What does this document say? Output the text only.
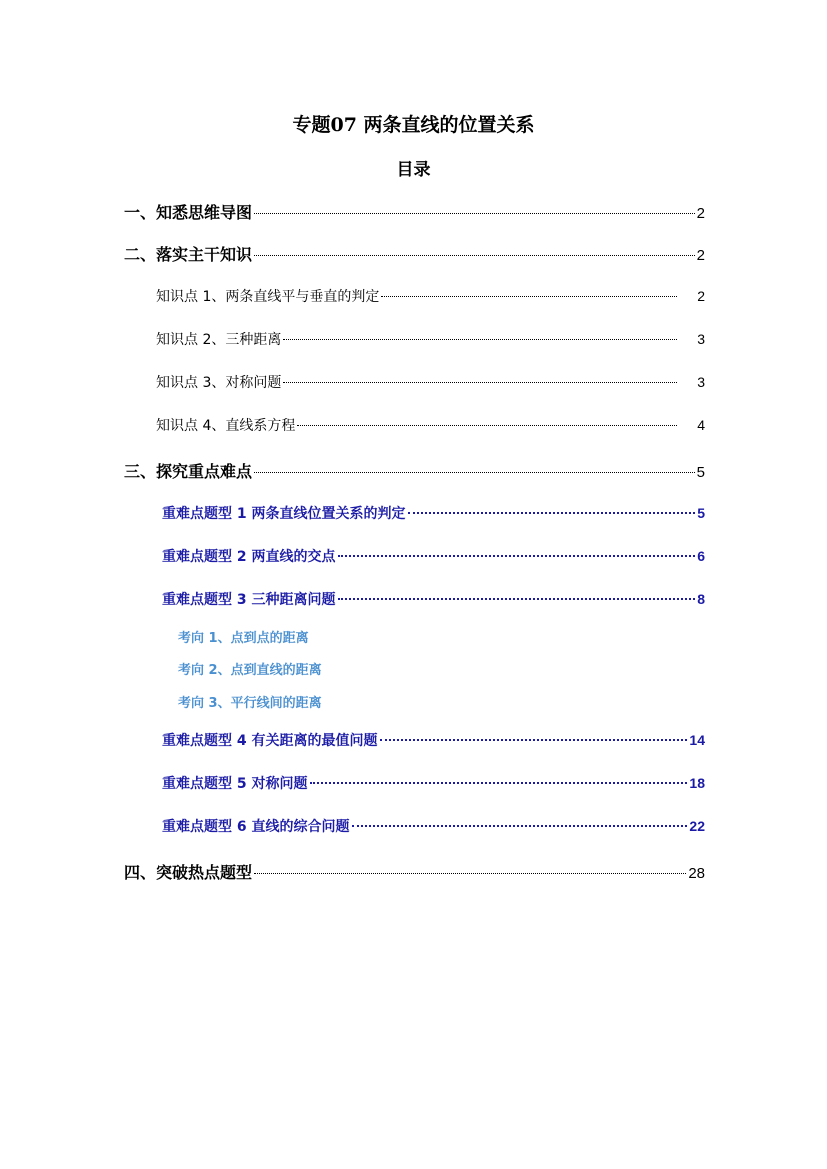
专题07 两条直线的位置关系
目录
一、知悉思维导图	2
二、落实主干知识	2
知识点 1、两条直线平与垂直的判定	2
知识点 2、三种距离	3
知识点 3、对称问题	3
知识点 4、直线系方程	4
三、探究重点难点	5
重难点题型 1 两条直线位置关系的判定	5
重难点题型 2 两直线的交点	6
重难点题型 3 三种距离问题	8
考向 1、点到点的距离
考向 2、点到直线的距离
考向 3、平行线间的距离
重难点题型 4 有关距离的最值问题	14
重难点题型 5 对称问题	18
重难点题型 6 直线的综合问题	22
四、突破热点题型	28
